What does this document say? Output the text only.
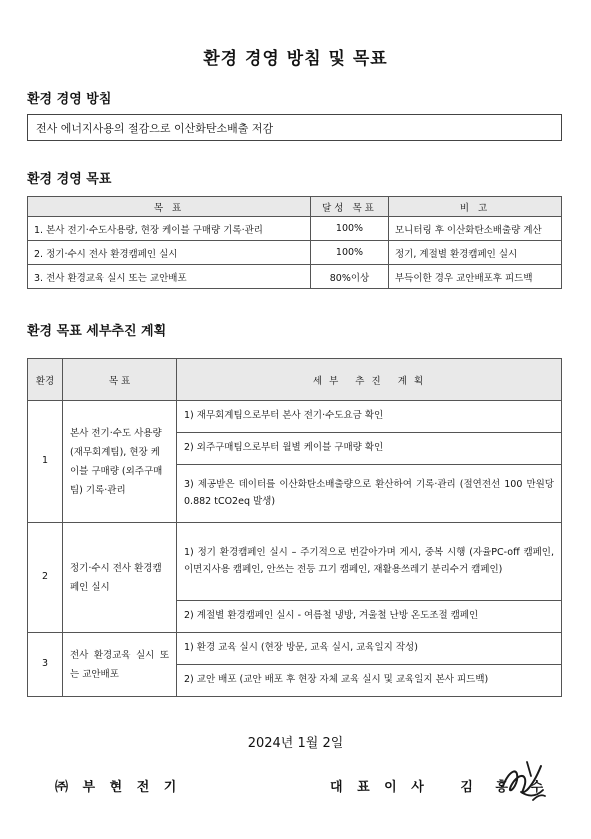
환경 경영 방침 및 목표
환경 경영 방침
전사 에너지사용의 절감으로 이산화탄소배출 저감
환경 경영 목표
목 표	달성 목표	비 고
1. 본사 전기·수도사용량, 현장 케이블 구매량 기록·관리	100%	모니터링 후 이산화탄소배출량 계산
2. 정기·수시 전사 환경캠페인 실시	100%	정기, 계절별 환경캠페인 실시
3. 전사 환경교육 실시 또는 교안배포	80%이상	부득이한 경우 교안배포후 피드백
환경 목표 세부추진 계획
환경	목 표	세 부   추 진   계 획
1	본사 전기·수도 사용량 (재무회계팀), 현장 케이블 구매량 (외주구매팀) 기록·관리	1) 재무회계팀으로부터 본사 전기·수도요금 확인
		2) 외주구매팀으로부터 월별 케이블 구매량 확인
		3) 제공받은 데이터를 이산화탄소배출량으로 환산하여 기록·관리 (절연전선 100 만원당 0.882 tCO2eq 발생)
2	정기·수시 전사 환경캠페인 실시	1) 정기 환경캠페인 실시 – 주기적으로 번갈아가며 게시, 중복 시행 (자율PC-off 캠페인, 이면지사용 캠페인, 안쓰는 전등 끄기 캠페인, 재활용쓰레기 분리수거 캠페인)
		2) 계절별 환경캠페인 실시 - 여름철 냉방, 겨울철 난방 온도조절 캠페인
3	전사 환경교육 실시 또는 교안배포	1) 환경 교육 실시 (현장 방문, 교육 실시, 교육일지 작성)
		2) 교안 배포 (교안 배포 후 현장 자체 교육 실시 및 교육일지 본사 피드백)
2024년 1월 2일
㈜ 부 현 전 기	대 표 이 사 김 홍 수
